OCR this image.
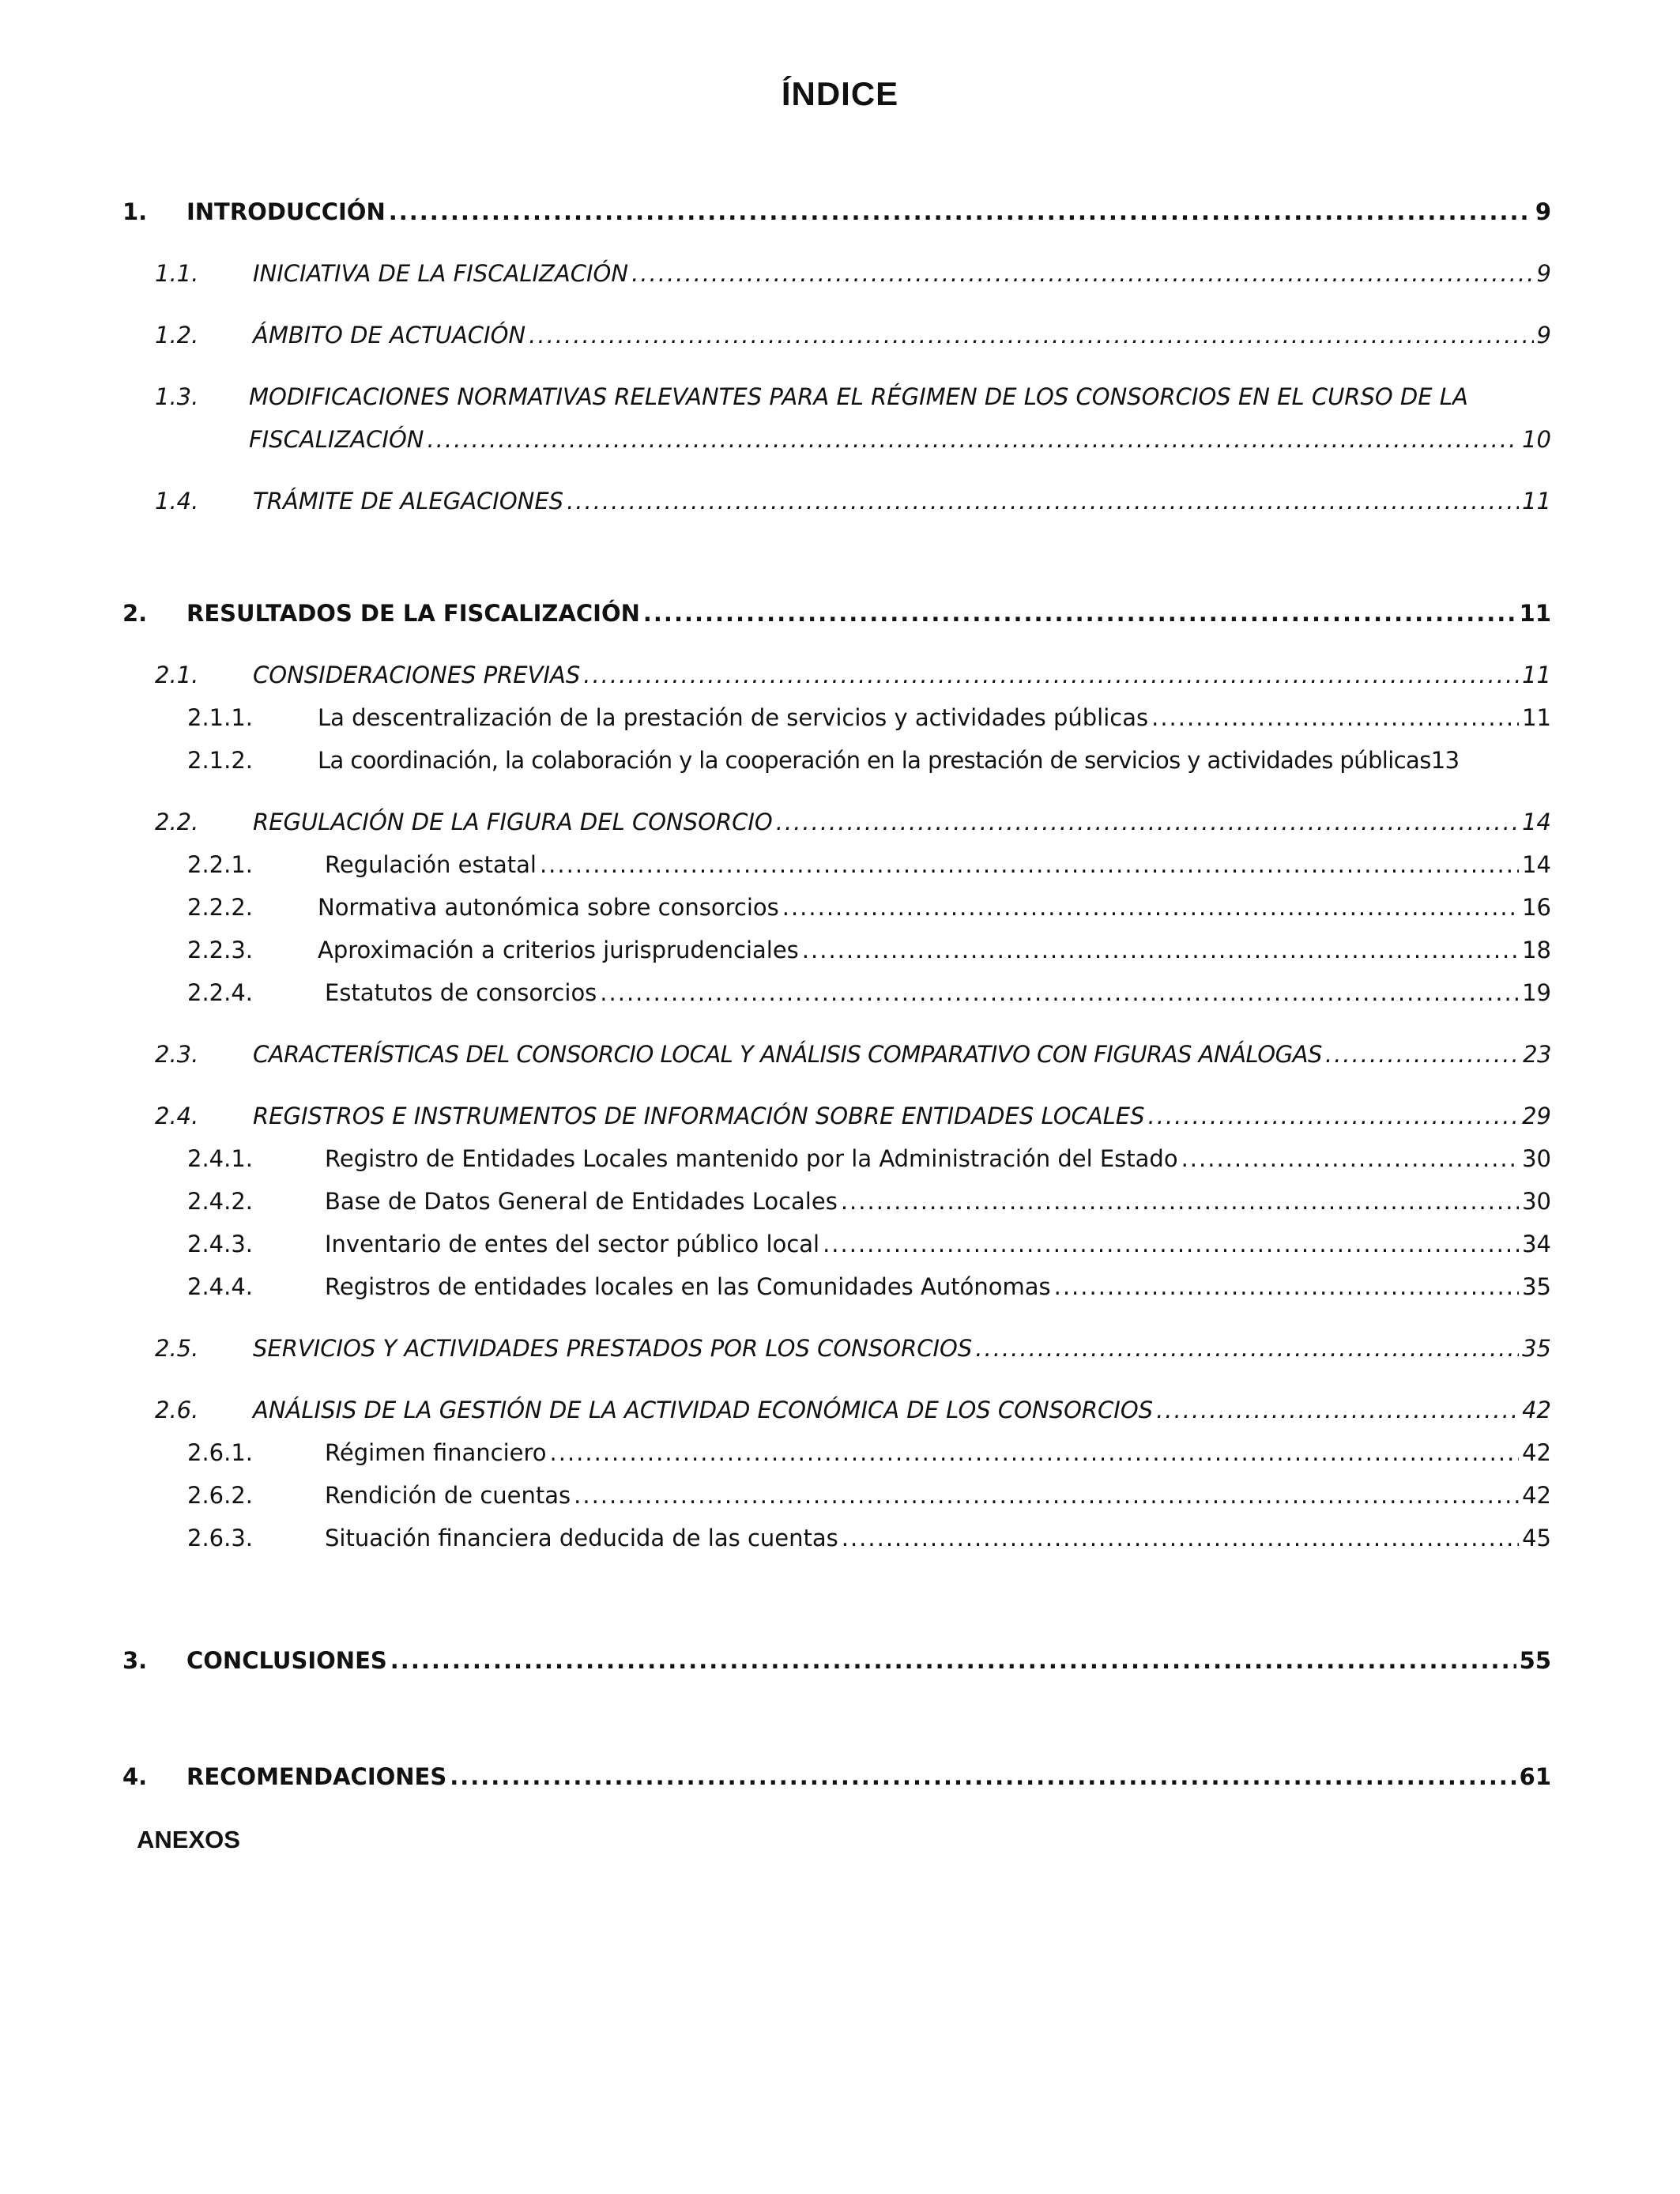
ÍNDICE
1. INTRODUCCIÓN .....	9
1.1. INICIATIVA DE LA FISCALIZACIÓN .....	9
1.2. ÁMBITO DE ACTUACIÓN .....	9
1.3. MODIFICACIONES NORMATIVAS RELEVANTES PARA EL RÉGIMEN DE LOS CONSORCIOS EN EL CURSO DE LA
FISCALIZACIÓN .....	10
1.4. TRÁMITE DE ALEGACIONES .....	11
2. RESULTADOS DE LA FISCALIZACIÓN .....	11
2.1. CONSIDERACIONES PREVIAS .....	11
2.1.1.	La descentralización de la prestación de servicios y actividades públicas .....	11
2.1.2.	La coordinación, la colaboración y la cooperación en la prestación de servicios y actividades públicas 13
2.2. REGULACIÓN DE LA FIGURA DEL CONSORCIO .....	14
2.2.1.	Regulación estatal .....	14
2.2.2.	Normativa autonómica sobre consorcios .....	16
2.2.3.	Aproximación a criterios jurisprudenciales .....	18
2.2.4.	Estatutos de consorcios .....	19
2.3. CARACTERÍSTICAS DEL CONSORCIO LOCAL Y ANÁLISIS COMPARATIVO CON FIGURAS ANÁLOGAS .....	23
2.4. REGISTROS E INSTRUMENTOS DE INFORMACIÓN SOBRE ENTIDADES LOCALES .....	29
2.4.1.	Registro de Entidades Locales mantenido por la Administración del Estado .....	30
2.4.2.	Base de Datos General de Entidades Locales .....	30
2.4.3.	Inventario de entes del sector público local .....	34
2.4.4.	Registros de entidades locales en las Comunidades Autónomas .....	35
2.5. SERVICIOS Y ACTIVIDADES PRESTADOS POR LOS CONSORCIOS .....	35
2.6. ANÁLISIS DE LA GESTIÓN DE LA ACTIVIDAD ECONÓMICA DE LOS CONSORCIOS .....	42
2.6.1.	Régimen financiero .....	42
2.6.2.	Rendición de cuentas .....	42
2.6.3.	Situación financiera deducida de las cuentas .....	45
3. CONCLUSIONES .....	55
4. RECOMENDACIONES .....	61
ANEXOS
